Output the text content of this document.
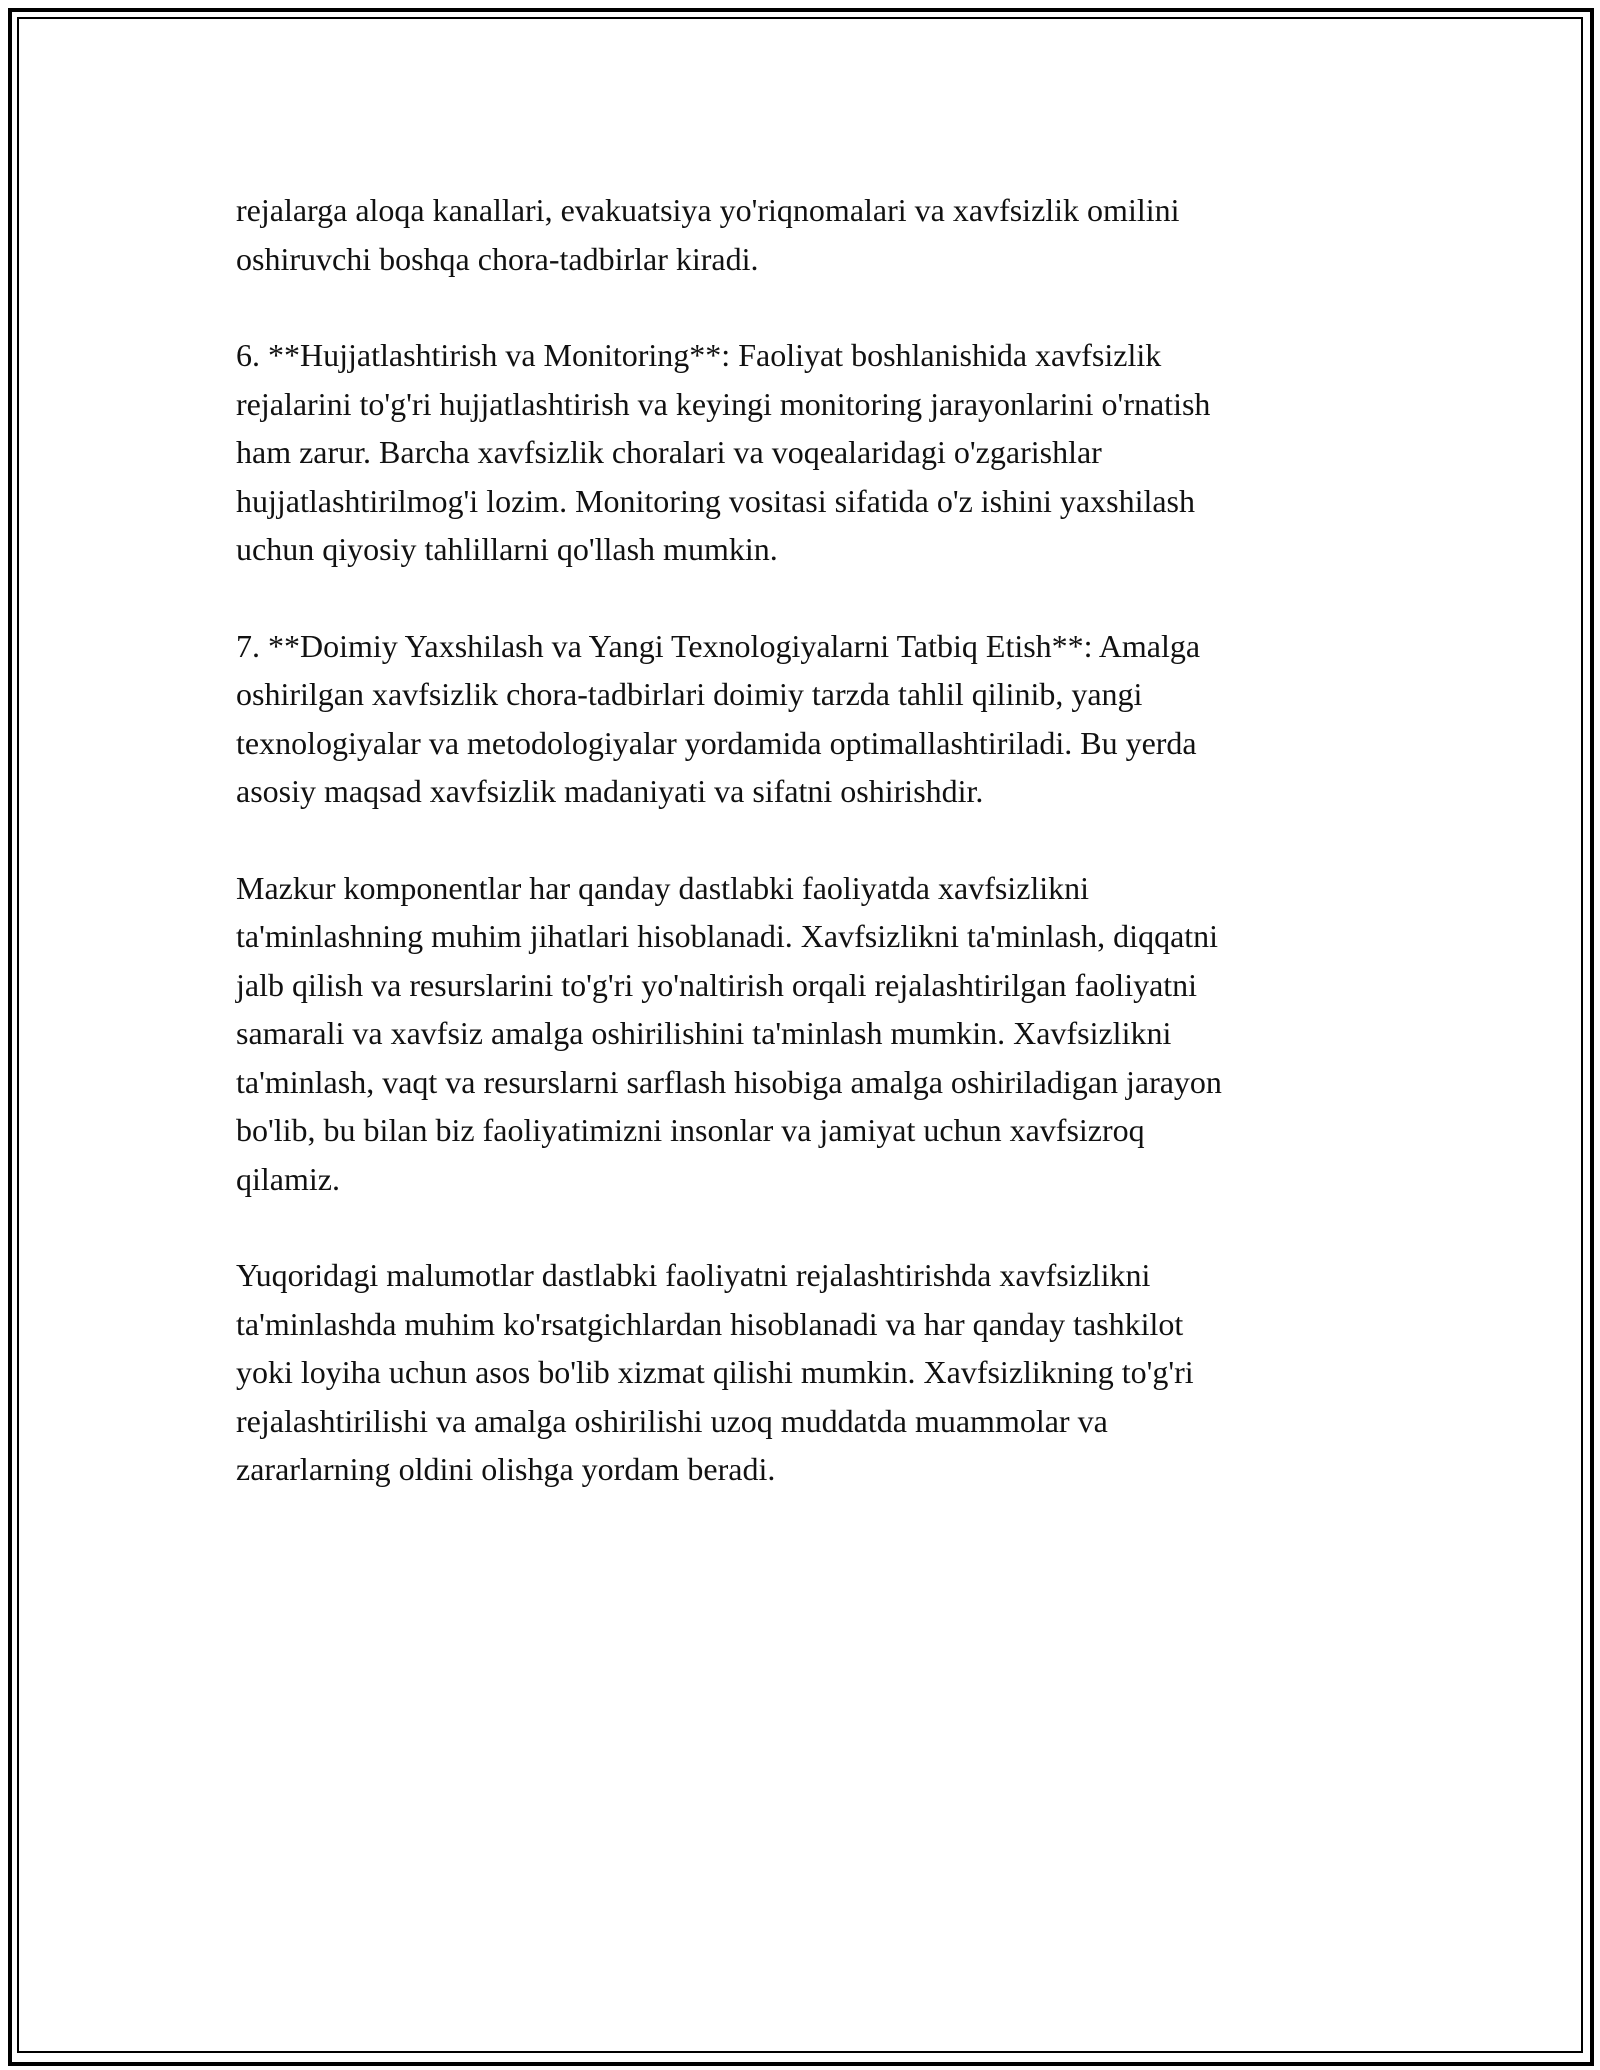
rejalarga aloqa kanallari, evakuatsiya yo'riqnomalari va xavfsizlik omilini
oshiruvchi boshqa chora-tadbirlar kiradi.

6. **Hujjatlashtirish va Monitoring**: Faoliyat boshlanishida xavfsizlik
rejalarini to'g'ri hujjatlashtirish va keyingi monitoring jarayonlarini o'rnatish
ham zarur. Barcha xavfsizlik choralari va voqealaridagi o'zgarishlar
hujjatlashtirilmog'i lozim. Monitoring vositasi sifatida o'z ishini yaxshilash
uchun qiyosiy tahlillarni qo'llash mumkin.

7. **Doimiy Yaxshilash va Yangi Texnologiyalarni Tatbiq Etish**: Amalga
oshirilgan xavfsizlik chora-tadbirlari doimiy tarzda tahlil qilinib, yangi
texnologiyalar va metodologiyalar yordamida optimallashtiriladi. Bu yerda
asosiy maqsad xavfsizlik madaniyati va sifatni oshirishdir.

Mazkur komponentlar har qanday dastlabki faoliyatda xavfsizlikni
ta'minlashning muhim jihatlari hisoblanadi. Xavfsizlikni ta'minlash, diqqatni
jalb qilish va resurslarini to'g'ri yo'naltirish orqali rejalashtirilgan faoliyatni
samarali va xavfsiz amalga oshirilishini ta'minlash mumkin. Xavfsizlikni
ta'minlash, vaqt va resurslarni sarflash hisobiga amalga oshiriladigan jarayon
bo'lib, bu bilan biz faoliyatimizni insonlar va jamiyat uchun xavfsizroq
qilamiz.

Yuqoridagi malumotlar dastlabki faoliyatni rejalashtirishda xavfsizlikni
ta'minlashda muhim ko'rsatgichlardan hisoblanadi va har qanday tashkilot
yoki loyiha uchun asos bo'lib xizmat qilishi mumkin. Xavfsizlikning to'g'ri
rejalashtirilishi va amalga oshirilishi uzoq muddatda muammolar va
zararlarning oldini olishga yordam beradi.
